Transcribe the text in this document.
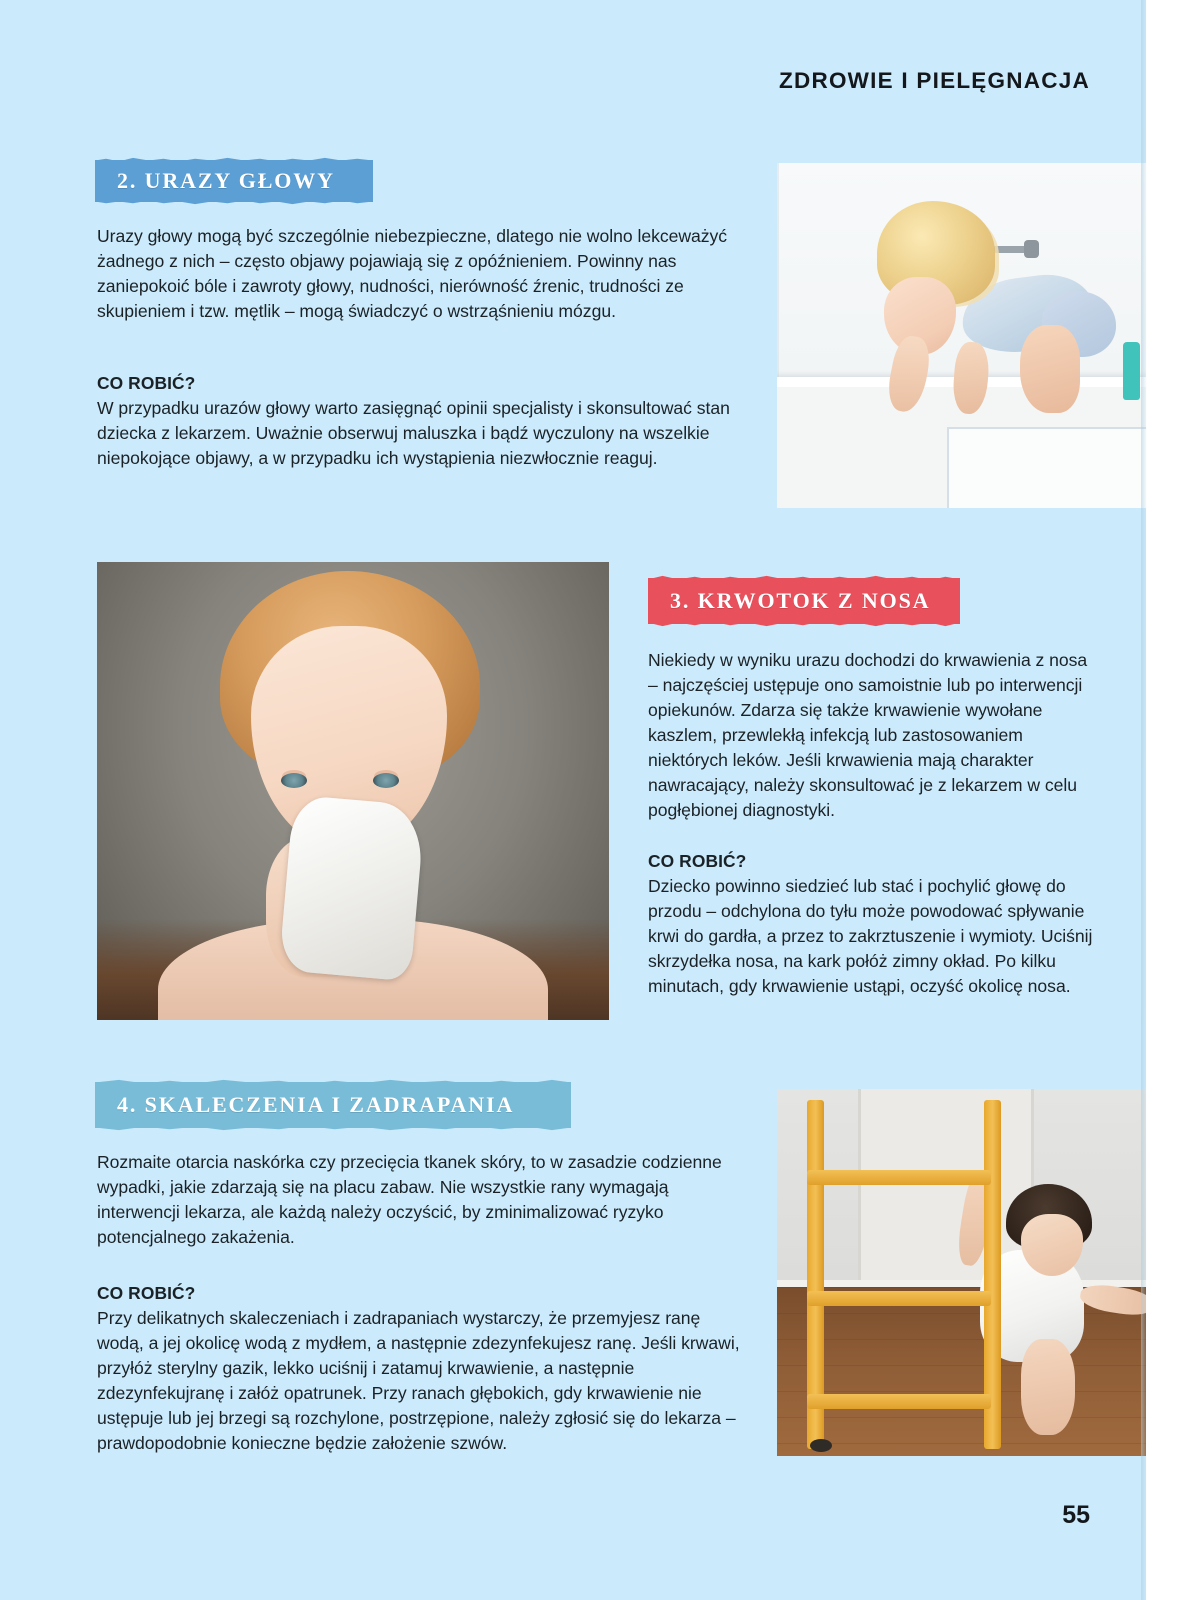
ZDROWIE I PIELĘGNACJA
2. URAZY GŁOWY
Urazy głowy mogą być szczególnie niebezpieczne, dlatego nie wolno lekceważyć żadnego z nich – często objawy pojawiają się z opóźnieniem. Powinny nas zaniepokoić bóle i zawroty głowy, nudności, nierówność źrenic, trudności ze skupieniem i tzw. mętlik – mogą świadczyć o wstrząśnieniu mózgu.
CO ROBIĆ?
W przypadku urazów głowy warto zasięgnąć opinii specjalisty i skonsultować stan dziecka z lekarzem. Uważnie obserwuj maluszka i bądź wyczulony na wszelkie niepokojące objawy, a w przypadku ich wystąpienia niezwłocznie reaguj.
3. KRWOTOK Z NOSA
Niekiedy w wyniku urazu dochodzi do krwawienia z nosa – najczęściej ustępuje ono samoistnie lub po interwencji opiekunów. Zdarza się także krwawienie wywołane kaszlem, przewlekłą infekcją lub zastosowaniem niektórych leków. Jeśli krwawienia mają charakter nawracający, należy skonsultować je z lekarzem w celu pogłębionej diagnostyki.
CO ROBIĆ?
Dziecko powinno siedzieć lub stać i pochylić głowę do przodu – odchylona do tyłu może powodować spływanie krwi do gardła, a przez to zakrztuszenie i wymioty. Uciśnij skrzydełka nosa, na kark połóż zimny okład. Po kilku minutach, gdy krwawienie ustąpi, oczyść okolicę nosa.
4. SKALECZENIA I ZADRAPANIA
Rozmaite otarcia naskórka czy przecięcia tkanek skóry, to w zasadzie codzienne wypadki, jakie zdarzają się na placu zabaw. Nie wszystkie rany wymagają interwencji lekarza, ale każdą należy oczyścić, by zminimalizować ryzyko potencjalnego zakażenia.
CO ROBIĆ?
Przy delikatnych skaleczeniach i zadrapaniach wystarczy, że przemyjesz ranę wodą, a jej okolicę wodą z mydłem, a następnie zdezynfekujesz ranę. Jeśli krwawi, przyłóż sterylny gazik, lekko uciśnij i zatamuj krwawienie, a następnie zdezynfekujranę i załóż opatrunek. Przy ranach głębokich, gdy krwawienie nie ustępuje lub jej brzegi są rozchylone, postrzępione, należy zgłosić się do lekarza – prawdopodobnie konieczne będzie założenie szwów.
55
